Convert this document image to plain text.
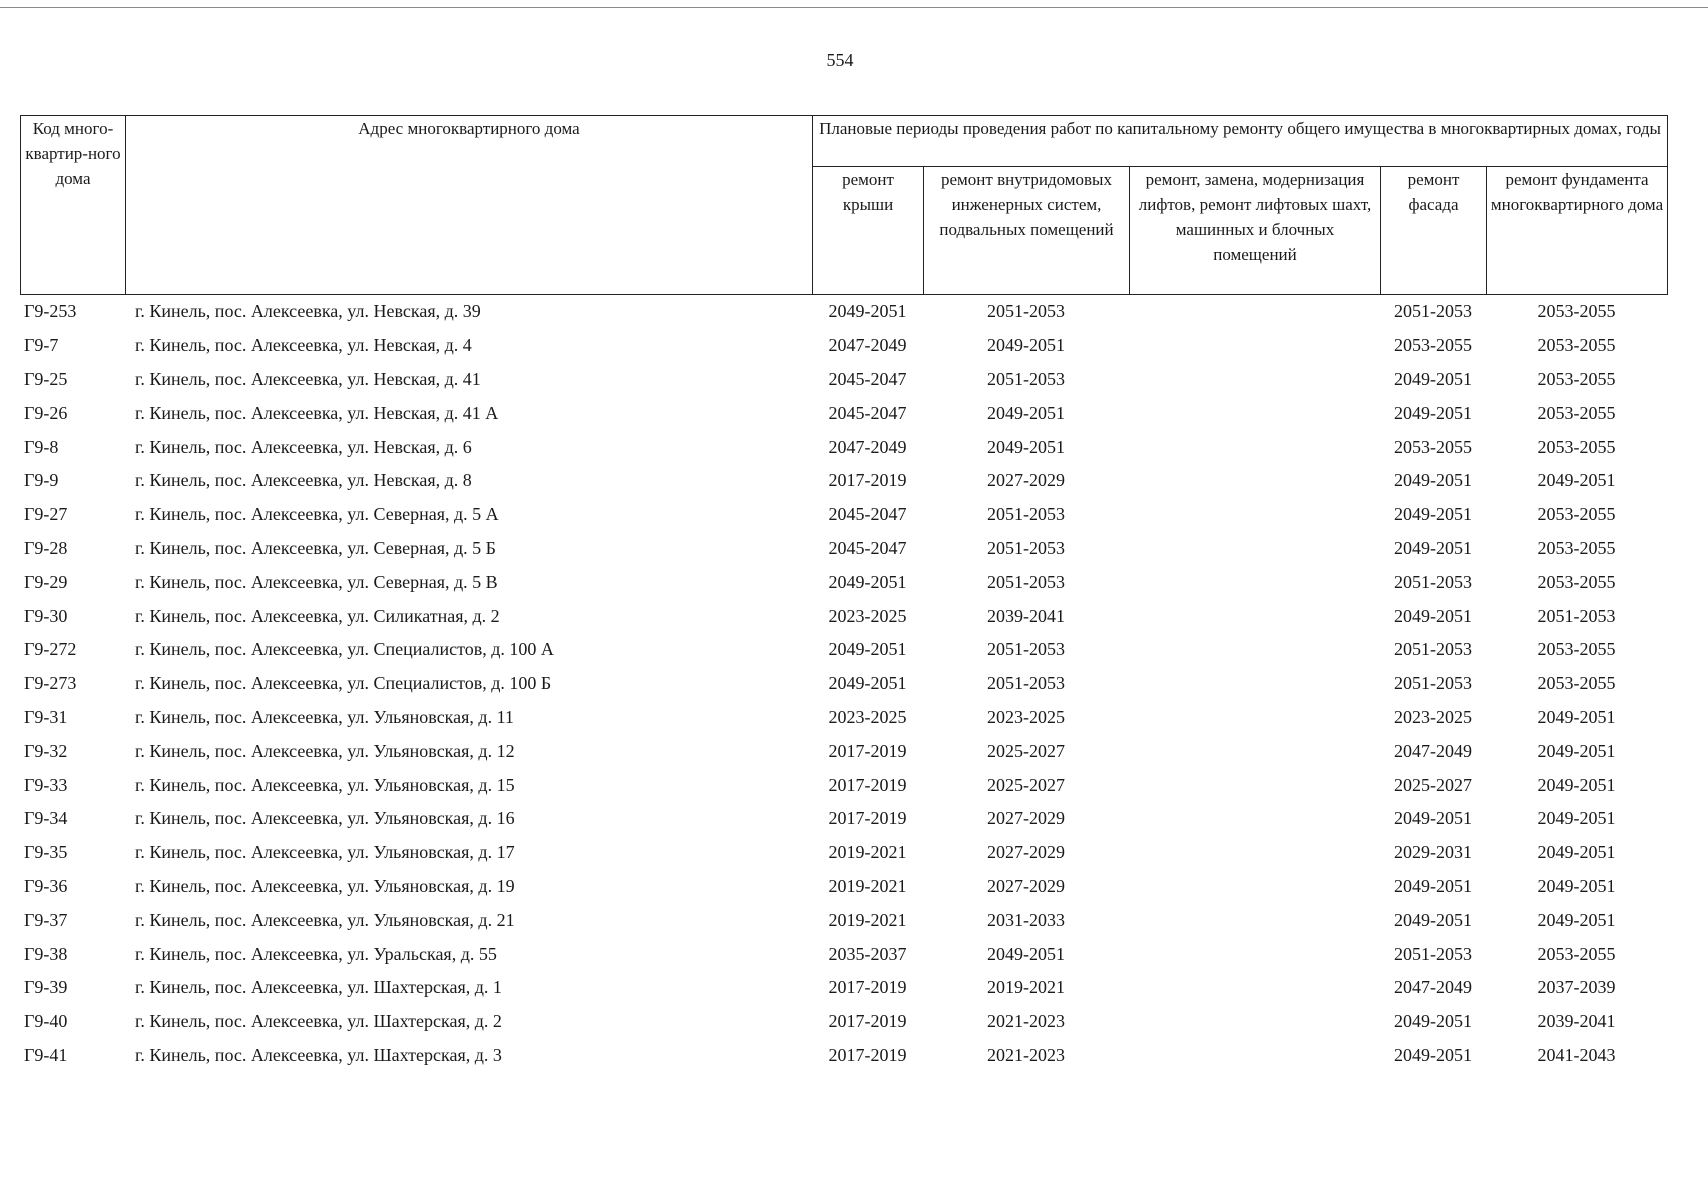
554
Код много-квартир-ного дома	Адрес многоквартирного дома	Плановые периоды проведения работ по капитальному ремонту общего имущества в многоквартирных домах, годы				
		ремонт крыши	ремонт внутридомовых инженерных систем, подвальных помещений	ремонт, замена, модернизация лифтов, ремонт лифтовых шахт, машинных и блочных помещений	ремонт фасада	ремонт фундамента многоквартирного дома
Г9-253	г. Кинель, пос. Алексеевка, ул. Невская, д. 39	2049-2051	2051-2053		2051-2053	2053-2055
Г9-7	г. Кинель, пос. Алексеевка, ул. Невская, д. 4	2047-2049	2049-2051		2053-2055	2053-2055
Г9-25	г. Кинель, пос. Алексеевка, ул. Невская, д. 41	2045-2047	2051-2053		2049-2051	2053-2055
Г9-26	г. Кинель, пос. Алексеевка, ул. Невская, д. 41 А	2045-2047	2049-2051		2049-2051	2053-2055
Г9-8	г. Кинель, пос. Алексеевка, ул. Невская, д. 6	2047-2049	2049-2051		2053-2055	2053-2055
Г9-9	г. Кинель, пос. Алексеевка, ул. Невская, д. 8	2017-2019	2027-2029		2049-2051	2049-2051
Г9-27	г. Кинель, пос. Алексеевка, ул. Северная, д. 5 А	2045-2047	2051-2053		2049-2051	2053-2055
Г9-28	г. Кинель, пос. Алексеевка, ул. Северная, д. 5 Б	2045-2047	2051-2053		2049-2051	2053-2055
Г9-29	г. Кинель, пос. Алексеевка, ул. Северная, д. 5 В	2049-2051	2051-2053		2051-2053	2053-2055
Г9-30	г. Кинель, пос. Алексеевка, ул. Силикатная, д. 2	2023-2025	2039-2041		2049-2051	2051-2053
Г9-272	г. Кинель, пос. Алексеевка, ул. Специалистов, д. 100 А	2049-2051	2051-2053		2051-2053	2053-2055
Г9-273	г. Кинель, пос. Алексеевка, ул. Специалистов, д. 100 Б	2049-2051	2051-2053		2051-2053	2053-2055
Г9-31	г. Кинель, пос. Алексеевка, ул. Ульяновская, д. 11	2023-2025	2023-2025		2023-2025	2049-2051
Г9-32	г. Кинель, пос. Алексеевка, ул. Ульяновская, д. 12	2017-2019	2025-2027		2047-2049	2049-2051
Г9-33	г. Кинель, пос. Алексеевка, ул. Ульяновская, д. 15	2017-2019	2025-2027		2025-2027	2049-2051
Г9-34	г. Кинель, пос. Алексеевка, ул. Ульяновская, д. 16	2017-2019	2027-2029		2049-2051	2049-2051
Г9-35	г. Кинель, пос. Алексеевка, ул. Ульяновская, д. 17	2019-2021	2027-2029		2029-2031	2049-2051
Г9-36	г. Кинель, пос. Алексеевка, ул. Ульяновская, д. 19	2019-2021	2027-2029		2049-2051	2049-2051
Г9-37	г. Кинель, пос. Алексеевка, ул. Ульяновская, д. 21	2019-2021	2031-2033		2049-2051	2049-2051
Г9-38	г. Кинель, пос. Алексеевка, ул. Уральская, д. 55	2035-2037	2049-2051		2051-2053	2053-2055
Г9-39	г. Кинель, пос. Алексеевка, ул. Шахтерская, д. 1	2017-2019	2019-2021		2047-2049	2037-2039
Г9-40	г. Кинель, пос. Алексеевка, ул. Шахтерская, д. 2	2017-2019	2021-2023		2049-2051	2039-2041
Г9-41	г. Кинель, пос. Алексеевка, ул. Шахтерская, д. 3	2017-2019	2021-2023		2049-2051	2041-2043
